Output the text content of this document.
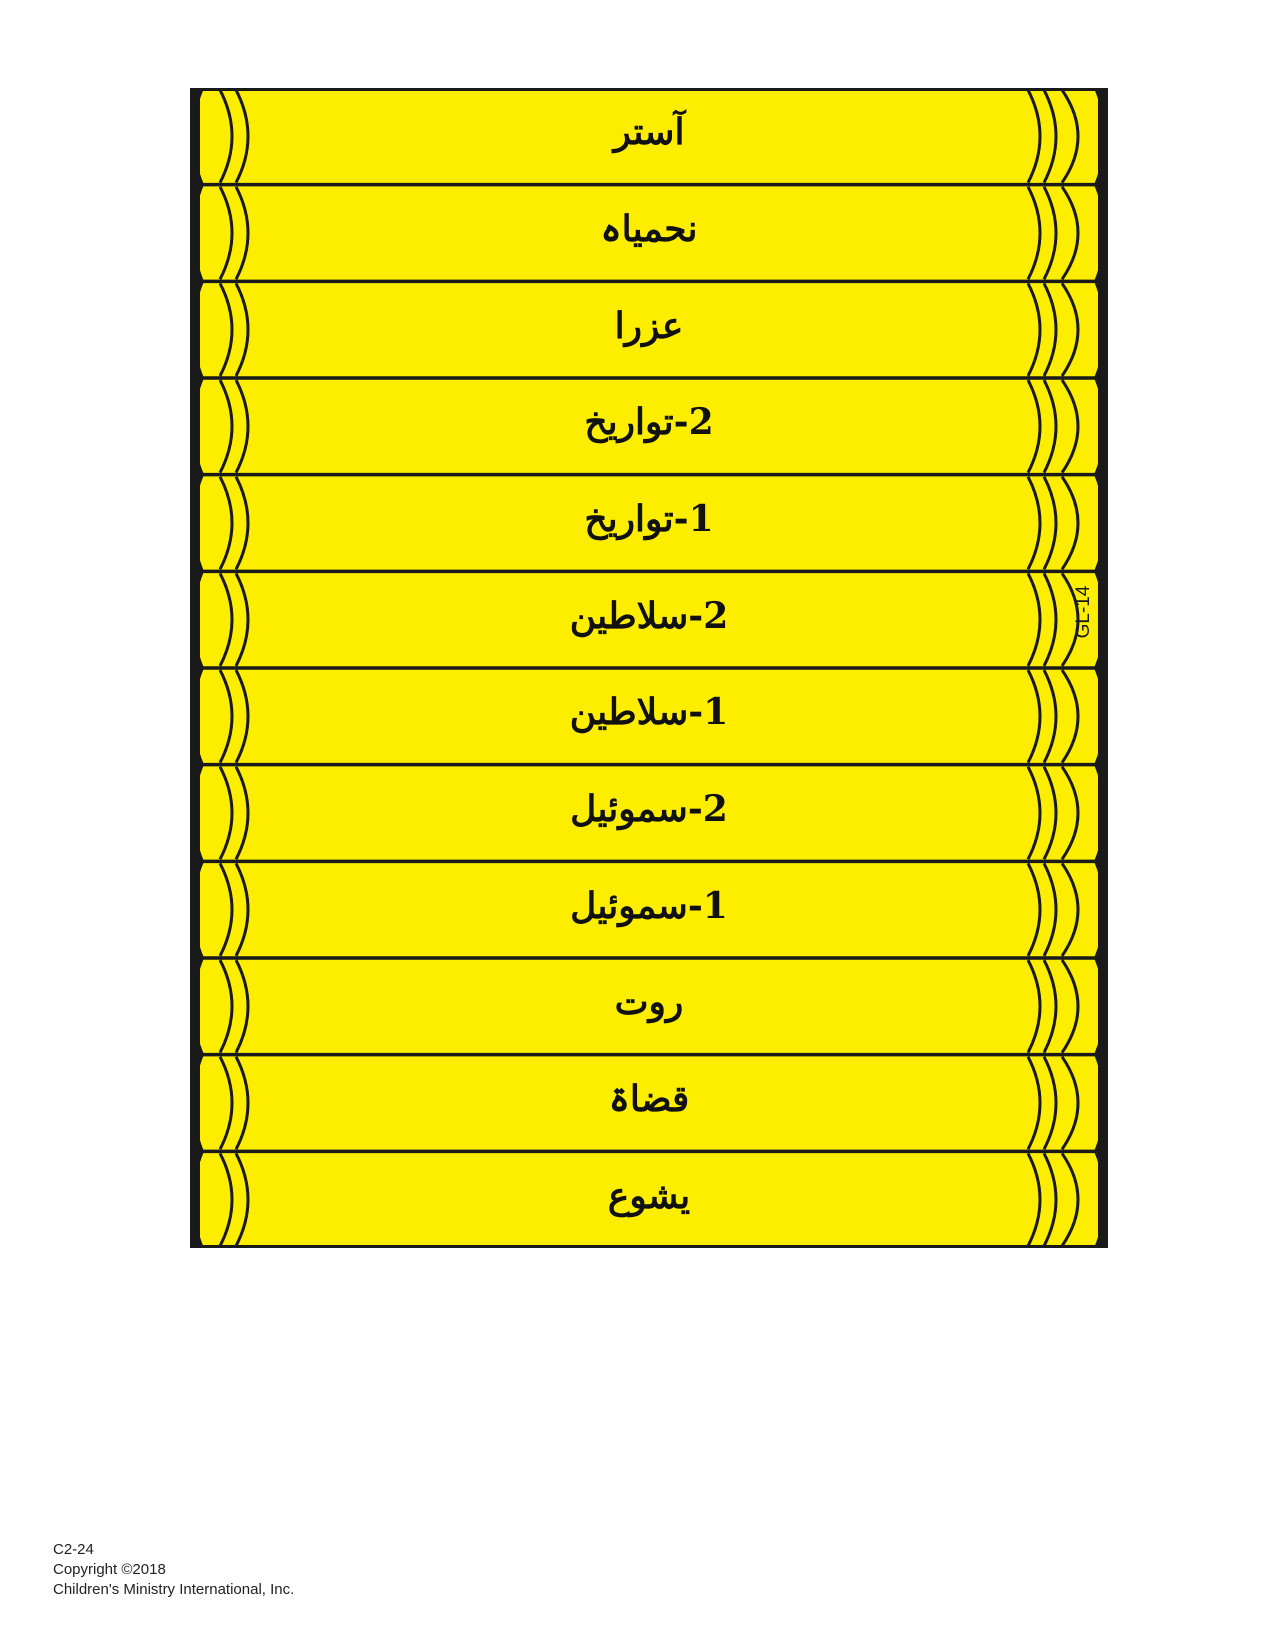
آستر
نحمیاہ
عزرا
2-تواریخ
1-تواریخ
2-سلاطین
1-سلاطین
2-سموئیل
1-سموئیل
روت
قضاۃ
یشوع
GL-14
C2-24
Copyright ©2018
Children's Ministry International, Inc.
